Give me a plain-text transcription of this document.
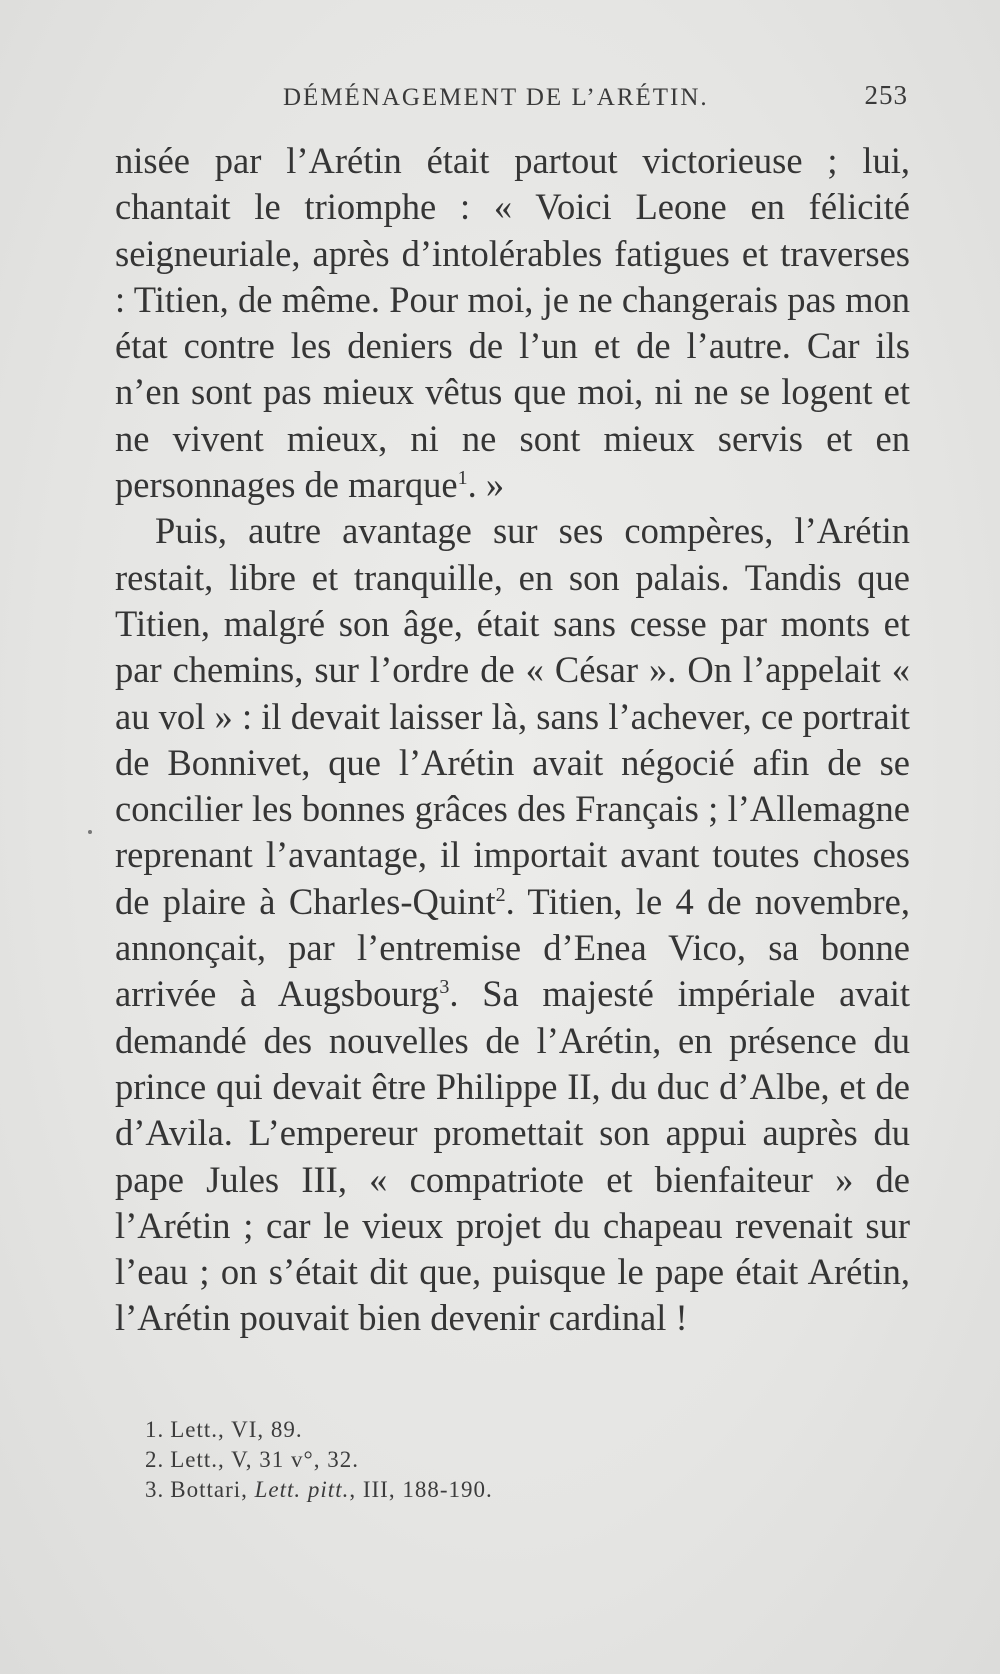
DÉMÉNAGEMENT DE L’ARÉTIN.	253

nisée par l’Arétin était partout victorieuse ; lui, chantait le triomphe : « Voici Leone en félicité seigneuriale, après d’intolérables fatigues et traverses : Titien, de même. Pour moi, je ne changerais pas mon état contre les deniers de l’un et de l’autre. Car ils n’en sont pas mieux vêtus que moi, ni ne se logent et ne vivent mieux, ni ne sont mieux servis et en personnages de marque$^1$. »

Puis, autre avantage sur ses compères, l’Arétin restait, libre et tranquille, en son palais. Tandis que Titien, malgré son âge, était sans cesse par monts et par chemins, sur l’ordre de « César ». On l’appelait « au vol » : il devait laisser là, sans l’achever, ce portrait de Bonnivet, que l’Arétin avait négocié afin de se concilier les bonnes grâces des Français ; l’Allemagne reprenant l’avantage, il importait avant toutes choses de plaire à Charles-Quint$^2$. Titien, le 4 de novembre, annonçait, par l’entremise d’Enea Vico, sa bonne arrivée à Augsbourg$^3$. Sa majesté impériale avait demandé des nouvelles de l’Arétin, en présence du prince qui devait être Philippe II, du duc d’Albe, et de d’Avila. L’empereur promettait son appui auprès du pape Jules III, « compatriote et bienfaiteur » de l’Arétin ; car le vieux projet du chapeau revenait sur l’eau ; on s’était dit que, puisque le pape était Arétin, l’Arétin pouvait bien devenir cardinal !

1. Lett., VI, 89.

2. Lett., V, 31 v°, 32.

3. Bottari, Lett. pitt., III, 188-190.
